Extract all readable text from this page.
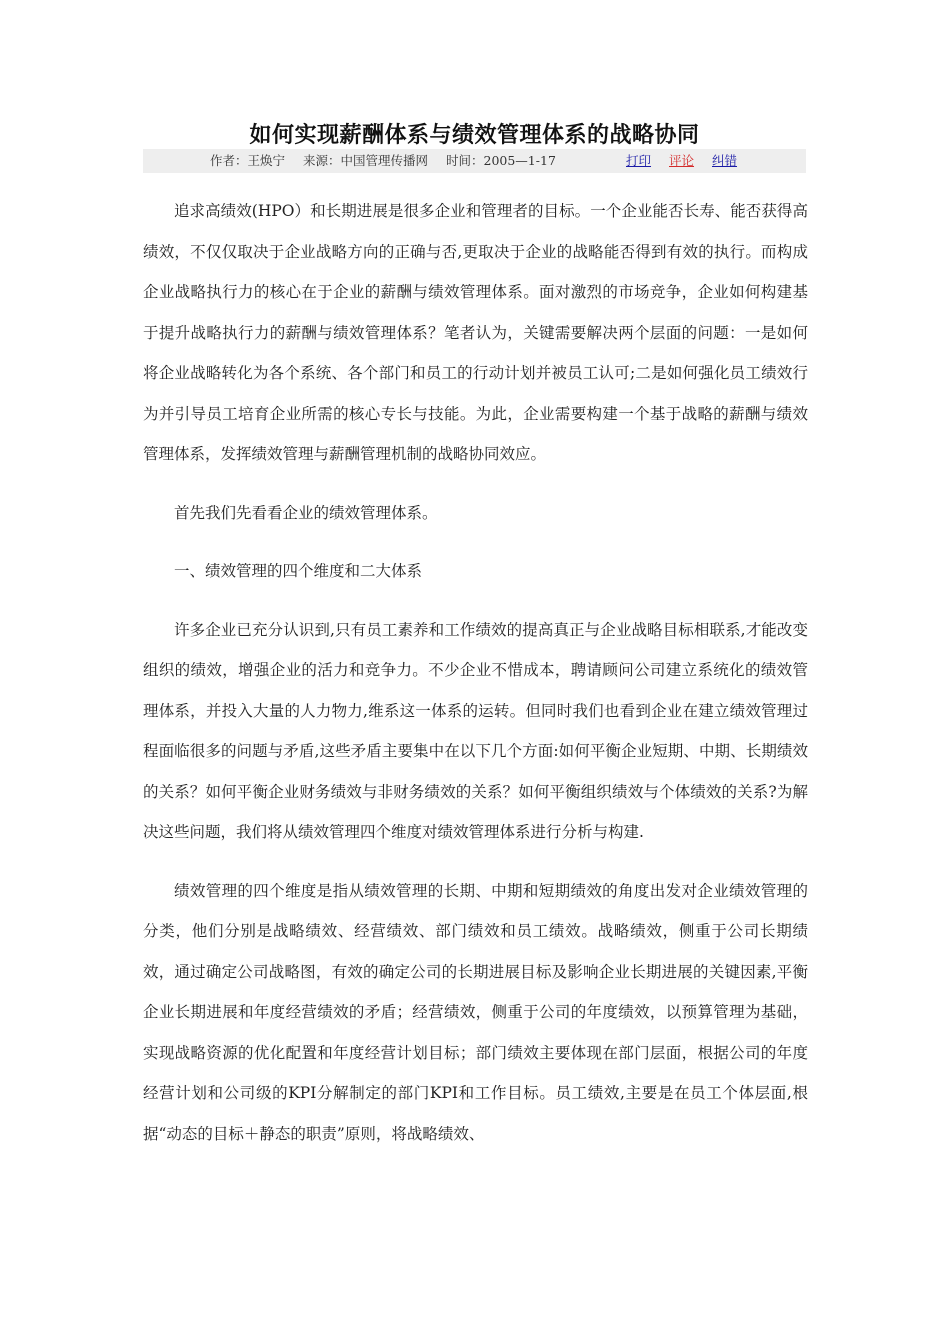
如何实现薪酬体系与绩效管理体系的战略协同
作者：王焕宁 来源：中国管理传播网 时间：2005—1-17	打印 评论 纠错

追求高绩效(HPO）和长期进展是很多企业和管理者的目标。一个企业能否长寿、能否获得高绩效，不仅仅取决于企业战略方向的正确与否,更取决于企业的战略能否得到有效的执行。而构成企业战略执行力的核心在于企业的薪酬与绩效管理体系。面对激烈的市场竞争，企业如何构建基于提升战略执行力的薪酬与绩效管理体系？笔者认为，关键需要解决两个层面的问题：一是如何将企业战略转化为各个系统、各个部门和员工的行动计划并被员工认可;二是如何强化员工绩效行为并引导员工培育企业所需的核心专长与技能。为此，企业需要构建一个基于战略的薪酬与绩效管理体系，发挥绩效管理与薪酬管理机制的战略协同效应。

首先我们先看看企业的绩效管理体系。

一、绩效管理的四个维度和二大体系

许多企业已充分认识到,只有员工素养和工作绩效的提高真正与企业战略目标相联系,才能改变组织的绩效，增强企业的活力和竞争力。不少企业不惜成本，聘请顾问公司建立系统化的绩效管理体系，并投入大量的人力物力,维系这一体系的运转。但同时我们也看到企业在建立绩效管理过程面临很多的问题与矛盾,这些矛盾主要集中在以下几个方面:如何平衡企业短期、中期、长期绩效的关系？如何平衡企业财务绩效与非财务绩效的关系？如何平衡组织绩效与个体绩效的关系?为解决这些问题，我们将从绩效管理四个维度对绩效管理体系进行分析与构建.

绩效管理的四个维度是指从绩效管理的长期、中期和短期绩效的角度出发对企业绩效管理的分类，他们分别是战略绩效、经营绩效、部门绩效和员工绩效。战略绩效，侧重于公司长期绩效，通过确定公司战略图，有效的确定公司的长期进展目标及影响企业长期进展的关键因素,平衡企业长期进展和年度经营绩效的矛盾；经营绩效，侧重于公司的年度绩效，以预算管理为基础，实现战略资源的优化配置和年度经营计划目标；部门绩效主要体现在部门层面，根据公司的年度经营计划和公司级的KPI分解制定的部门KPI和工作目标。员工绩效,主要是在员工个体层面,根据“动态的目标＋静态的职责”原则，将战略绩效、
